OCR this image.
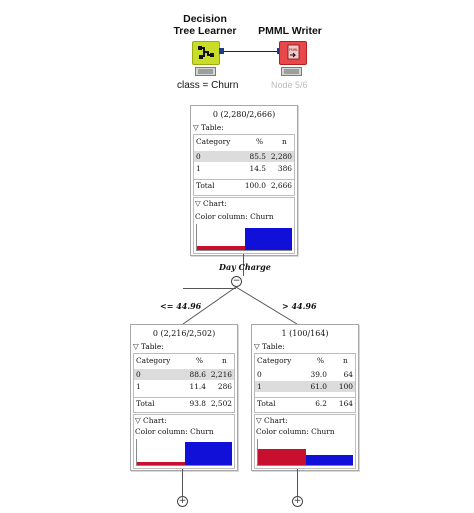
Decision
Tree Learner
class = Churn
PMML Writer
PMML
Node 5/6
0 (2,280/2,666)
▽ Table:
Category	%	n
0	85.5 2,280
1	14.5 386
Total	100.0 2,666
▽ Chart:
Color column: Churn
−
Day Charge
<= 44.96	> 44.96
0 (2,216/2,502)
▽ Table:
Category	%	n
0	88.6 2,216
1	11.4 286
Total	93.8 2,502
▽ Chart:
Color column: Churn
1 (100/164)
▽ Table:
Category	%	n
0	39.0 64
1	61.0 100
Total	6.2 164
▽ Chart:
Color column: Churn
+	+
